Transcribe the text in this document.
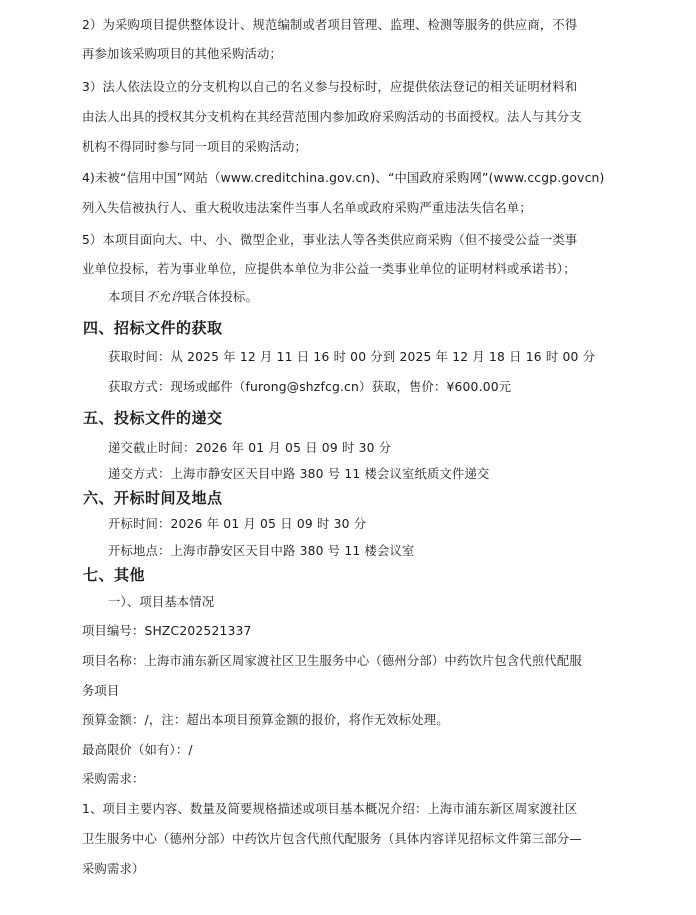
2）为采购项目提供整体设计、规范编制或者项目管理、监理、检测等服务的供应商，不得
再参加该采购项目的其他采购活动；
3）法人依法设立的分支机构以自己的名义参与投标时，应提供依法登记的相关证明材料和
由法人出具的授权其分支机构在其经营范围内参加政府采购活动的书面授权。法人与其分支
机构不得同时参与同一项目的采购活动；
4)未被“信用中国”网站（www.creditchina.gov.cn)、“中国政府采购网”(www.ccgp.govcn)
列入失信被执行人、重大税收违法案件当事人名单或政府采购严重违法失信名单；
5）本项目面向大、中、小、微型企业，事业法人等各类供应商采购（但不接受公益一类事
业单位投标，若为事业单位，应提供本单位为非公益一类事业单位的证明材料或承诺书）；
本项目不允许联合体投标。
四、招标文件的获取
获取时间：从 2025 年 12 月 11 日 16 时 00 分到 2025 年 12 月 18 日 16 时 00 分
获取方式：现场或邮件（furong@shzfcg.cn）获取，售价：¥600.00元
五、投标文件的递交
递交截止时间：2026 年 01 月 05 日 09 时 30 分
递交方式：上海市静安区天目中路 380 号 11 楼会议室纸质文件递交
六、开标时间及地点
开标时间：2026 年 01 月 05 日 09 时 30 分
开标地点：上海市静安区天目中路 380 号 11 楼会议室
七、其他
一）、项目基本情况
项目编号：SHZC202521337
项目名称：上海市浦东新区周家渡社区卫生服务中心（德州分部）中药饮片包含代煎代配服
务项目
预算金额：/，注：超出本项目预算金额的报价，将作无效标处理。
最高限价（如有）：/
采购需求：
1、项目主要内容、数量及简要规格描述或项目基本概况介绍：上海市浦东新区周家渡社区
卫生服务中心（德州分部）中药饮片包含代煎代配服务（具体内容详见招标文件第三部分—
采购需求）
